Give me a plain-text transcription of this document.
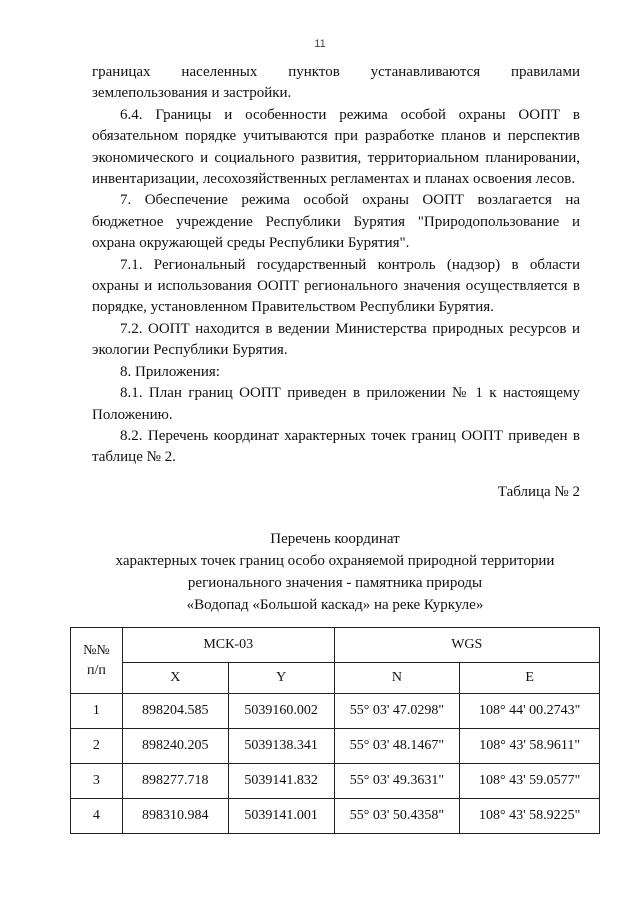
11

границах населенных пунктов устанавливаются правилами землепользования и застройки.

6.4. Границы и особенности режима особой охраны ООПТ в обязательном порядке учитываются при разработке планов и перспектив экономического и социального развития, территориальном планировании, инвентаризации, лесохозяйственных регламентах и планах освоения лесов.

7. Обеспечение режима особой охраны ООПТ возлагается на бюджетное учреждение Республики Бурятия "Природопользование и охрана окружающей среды Республики Бурятия".

7.1. Региональный государственный контроль (надзор) в области охраны и использования ООПТ регионального значения осуществляется в порядке, установленном Правительством Республики Бурятия.

7.2. ООПТ находится в ведении Министерства природных ресурсов и экологии Республики Бурятия.

8. Приложения:

8.1. План границ ООПТ приведен в приложении № 1 к настоящему Положению.

8.2. Перечень координат характерных точек границ ООПТ приведен в таблице № 2.

Таблица № 2
Перечень координат
характерных точек границ особо охраняемой природной территории
регионального значения - памятника природы
«Водопад «Большой каскад» на реке Куркуле»
№№
п/п	МСК-03		WGS	
	X	Y	N	E
1	898204.585	5039160.002	55° 03' 47.0298"	108° 44' 00.2743"
2	898240.205	5039138.341	55° 03' 48.1467"	108° 43' 58.9611"
3	898277.718	5039141.832	55° 03' 49.3631"	108° 43' 59.0577"
4	898310.984	5039141.001	55° 03' 50.4358"	108° 43' 58.9225"
